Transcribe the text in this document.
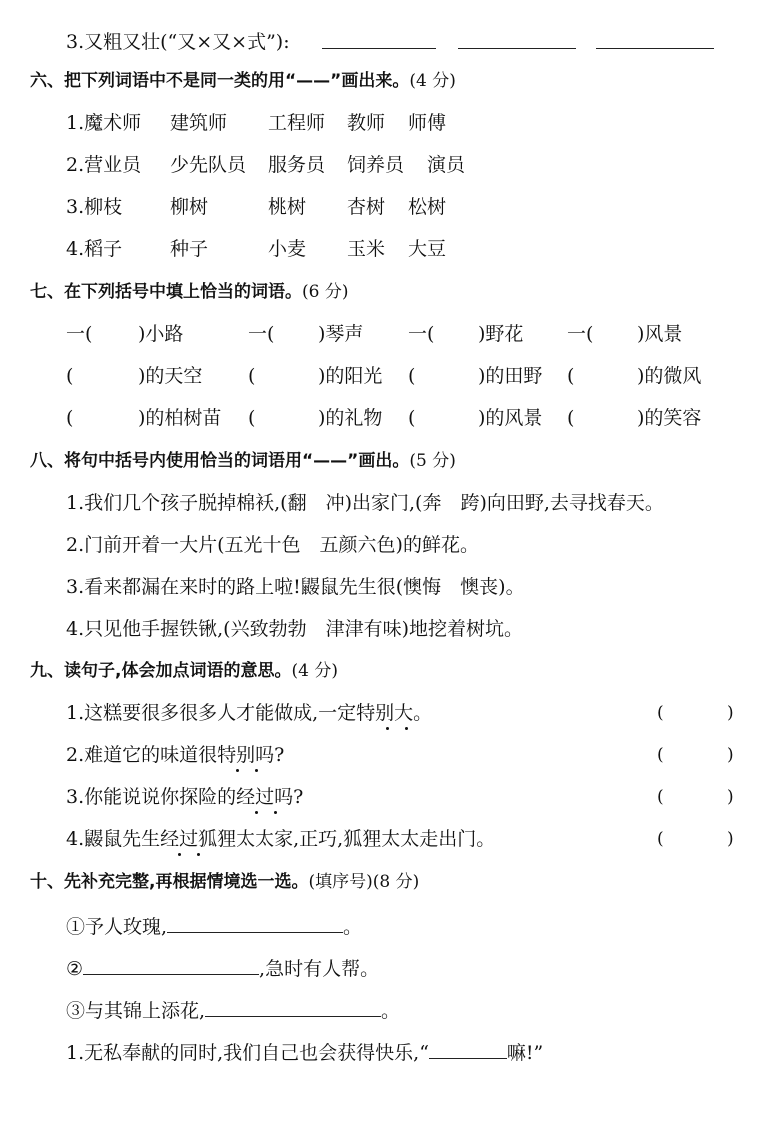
3.又粗又壮(“又×又×式”):
六、把下列词语中不是同一类的用“——”画出来。(4 分)
1.魔术师 建筑师 工程师 教师 师傅
2.营业员 少先队员 服务员 饲养员 演员
3.柳枝	柳树	桃树 杏树 松树
4.稻子	种子	小麦 玉米 大豆
七、在下列括号中填上恰当的词语。(6 分)
一( )小路	一( )琴声 一( )野花 一( )风景
(	)的天空 (	)的阳光 (	)的田野 (	)的微风
(	)的柏树苗 (	)的礼物 (	)的风景 (	)的笑容
八、将句中括号内使用恰当的词语用“——”画出。(5 分)
1.我们几个孩子脱掉棉袄,(翻　冲)出家门,(奔　跨)向田野,去寻找春天。
2.门前开着一大片(五光十色　五颜六色)的鲜花。
3.看来都漏在来时的路上啦!鼹鼠先生很(懊悔　懊丧)。
4.只见他手握铁锹,(兴致勃勃　津津有味)地挖着树坑。
九、读句子,体会加点词语的意思。(4 分)
1.这糕要很多很多人才能做成,一定特别大。	(	)
2.难道它的味道很特别吗?	(	)
3.你能说说你探险的经过吗?	(	)
4.鼹鼠先生经过狐狸太太家,正巧,狐狸太太走出门。	(	)
十、先补充完整,再根据情境选一选。(填序号)(8 分)
①予人玫瑰,	。
②	,急时有人帮。
③与其锦上添花,	。
1.无私奉献的同时,我们自己也会获得快乐,“	嘛!”
